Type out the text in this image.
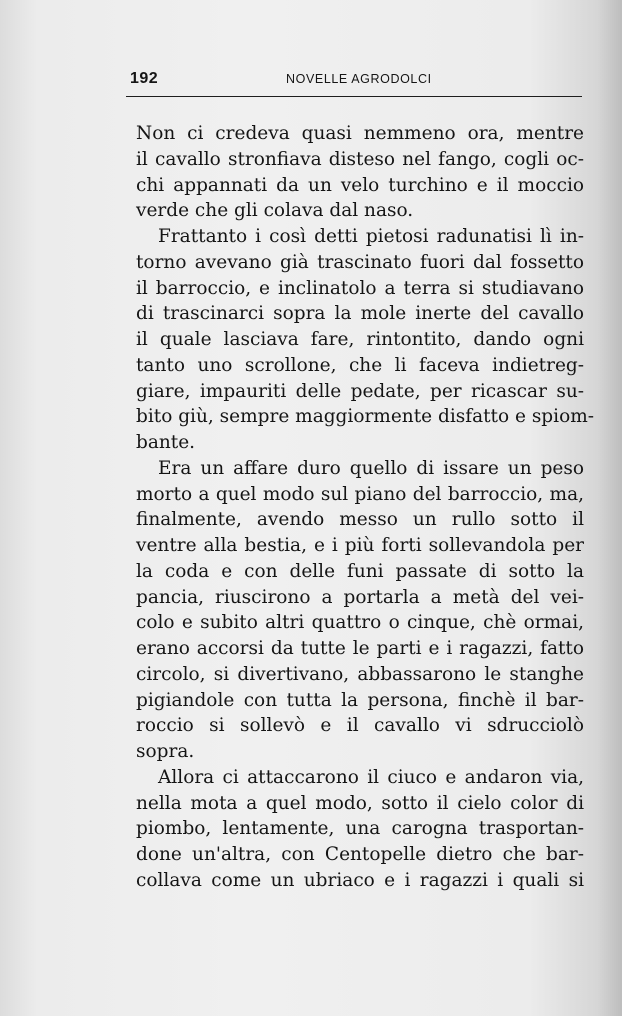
192	NOVELLE AGRODOLCI
Non ci credeva quasi nemmeno ora, mentre
il cavallo stronfiava disteso nel fango, cogli oc-
chi appannati da un velo turchino e il moccio
verde che gli colava dal naso.
Frattanto i così detti pietosi radunatisi lì in-
torno avevano già trascinato fuori dal fossetto
il barroccio, e inclinatolo a terra si studiavano
di trascinarci sopra la mole inerte del cavallo
il quale lasciava fare, rintontito, dando ogni
tanto uno scrollone, che li faceva indietreg-
giare, impauriti delle pedate, per ricascar su-
bito giù, sempre maggiormente disfatto e spiom-
bante.
Era un affare duro quello di issare un peso
morto a quel modo sul piano del barroccio, ma,
finalmente, avendo messo un rullo sotto il
ventre alla bestia, e i più forti sollevandola per
la coda e con delle funi passate di sotto la
pancia, riuscirono a portarla a metà del vei-
colo e subito altri quattro o cinque, chè ormai,
erano accorsi da tutte le parti e i ragazzi, fatto
circolo, si divertivano, abbassarono le stanghe
pigiandole con tutta la persona, finchè il bar-
roccio si sollevò e il cavallo vi sdrucciolò
sopra.
Allora ci attaccarono il ciuco e andaron via,
nella mota a quel modo, sotto il cielo color di
piombo, lentamente, una carogna trasportan-
done un'altra, con Centopelle dietro che bar-
collava come un ubriaco e i ragazzi i quali si
